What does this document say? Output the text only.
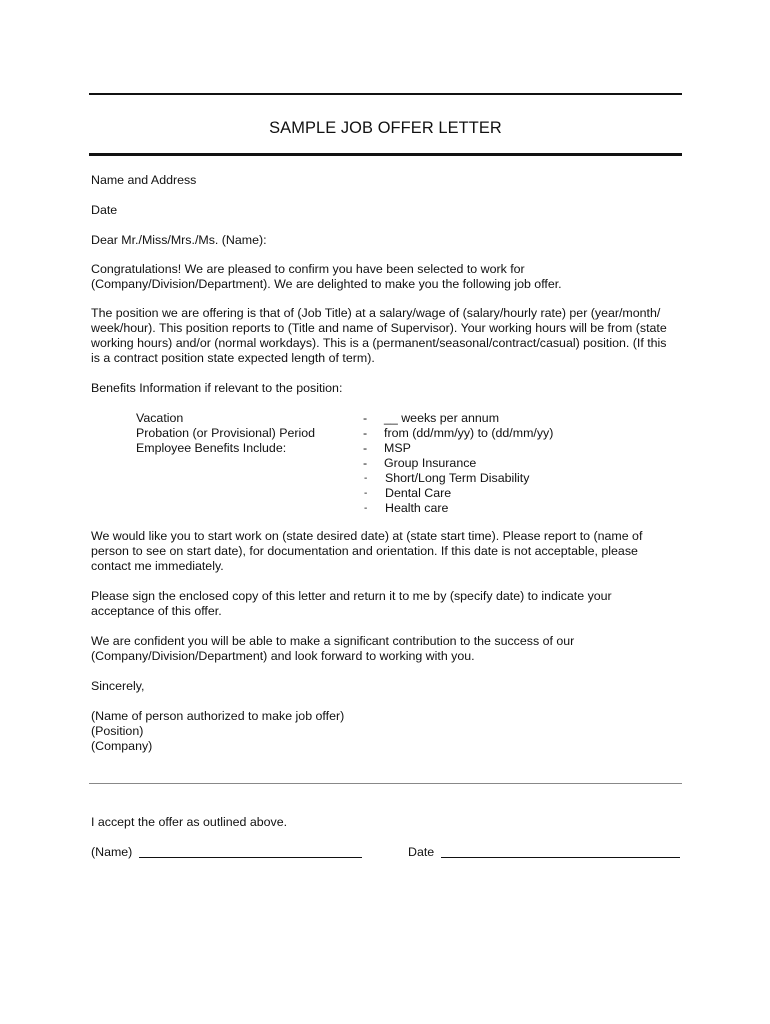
SAMPLE JOB OFFER LETTER

Name and Address

Date

Dear Mr./Miss/Mrs./Ms. (Name):

Congratulations! We are pleased to confirm you have been selected to work for
(Company/Division/Department). We are delighted to make you the following job offer.

The position we are offering is that of (Job Title) at a salary/wage of (salary/hourly rate) per (year/month/
week/hour). This position reports to (Title and name of Supervisor). Your working hours will be from (state
working hours) and/or (normal workdays). This is a (permanent/seasonal/contract/casual) position. (If this
is a contract position state expected length of term).

Benefits Information if relevant to the position:

Vacation	- __ weeks per annum
Probation (or Provisional) Period	- from (dd/mm/yy) to (dd/mm/yy)
Employee Benefits Include:	- MSP
- Group Insurance
- Short/Long Term Disability
- Dental Care
- Health care

We would like you to start work on (state desired date) at (state start time). Please report to (name of
person to see on start date), for documentation and orientation. If this date is not acceptable, please
contact me immediately.

Please sign the enclosed copy of this letter and return it to me by (specify date) to indicate your
acceptance of this offer.

We are confident you will be able to make a significant contribution to the success of our
(Company/Division/Department) and look forward to working with you.

Sincerely,

(Name of person authorized to make job offer)
(Position)
(Company)

I accept the offer as outlined above.

(Name)	Date
